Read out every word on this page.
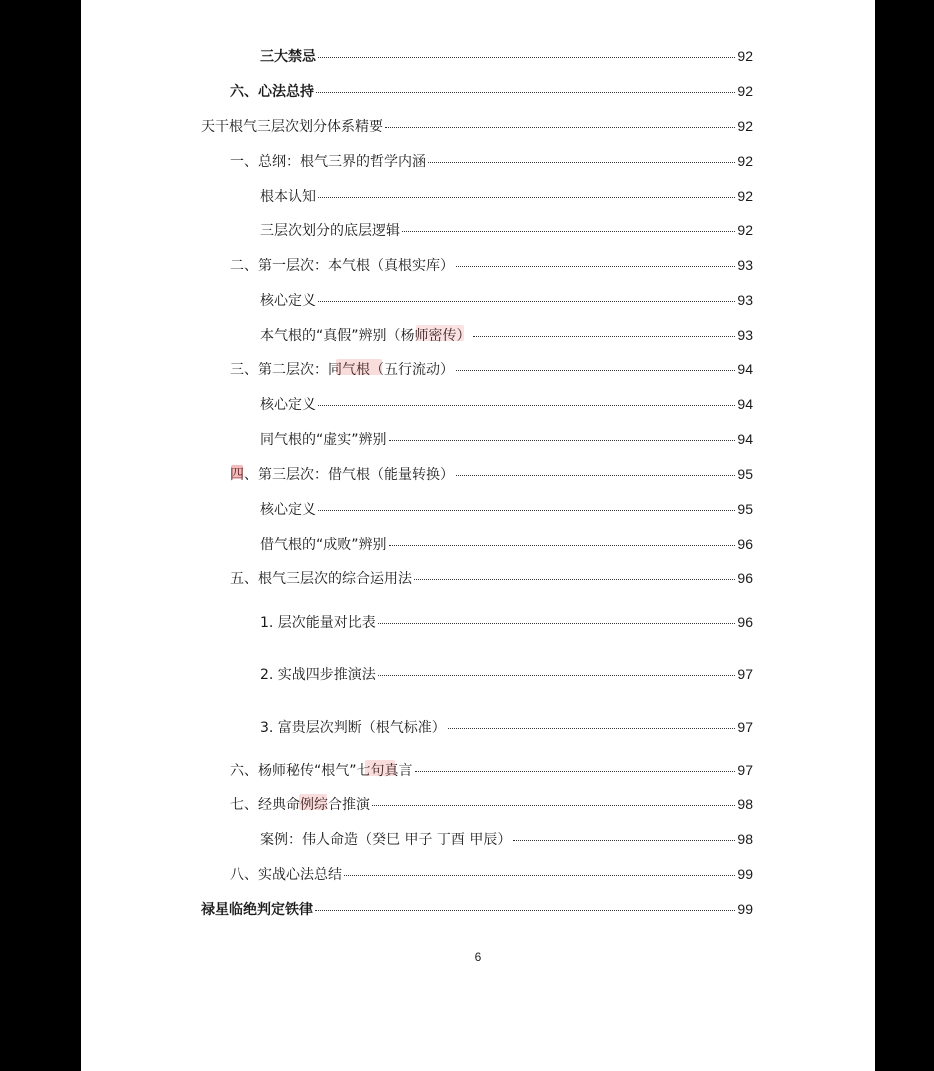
三大禁忌	92
六、心法总持	92
天干根气三层次划分体系精要	92
一、总纲：根气三界的哲学内涵	92
根本认知	92
三层次划分的底层逻辑	92
二、第一层次：本气根（真根实库）	93
核心定义	93
本气根的“真假”辨别（杨师密传）	93
三、第二层次：同气根（五行流动）	94
核心定义	94
同气根的“虚实”辨别	94
四、第三层次：借气根（能量转换）	95
核心定义	95
借气根的“成败”辨别	96
五、根气三层次的综合运用法	96
1. 层次能量对比表	96
2. 实战四步推演法	97
3. 富贵层次判断（根气标准）	97
六、杨师秘传“根气”七句真言	97
七、经典命例综合推演	98
案例：伟人命造（癸巳 甲子 丁酉 甲辰）	98
八、实战心法总结	99
禄星临绝判定铁律	99
6
